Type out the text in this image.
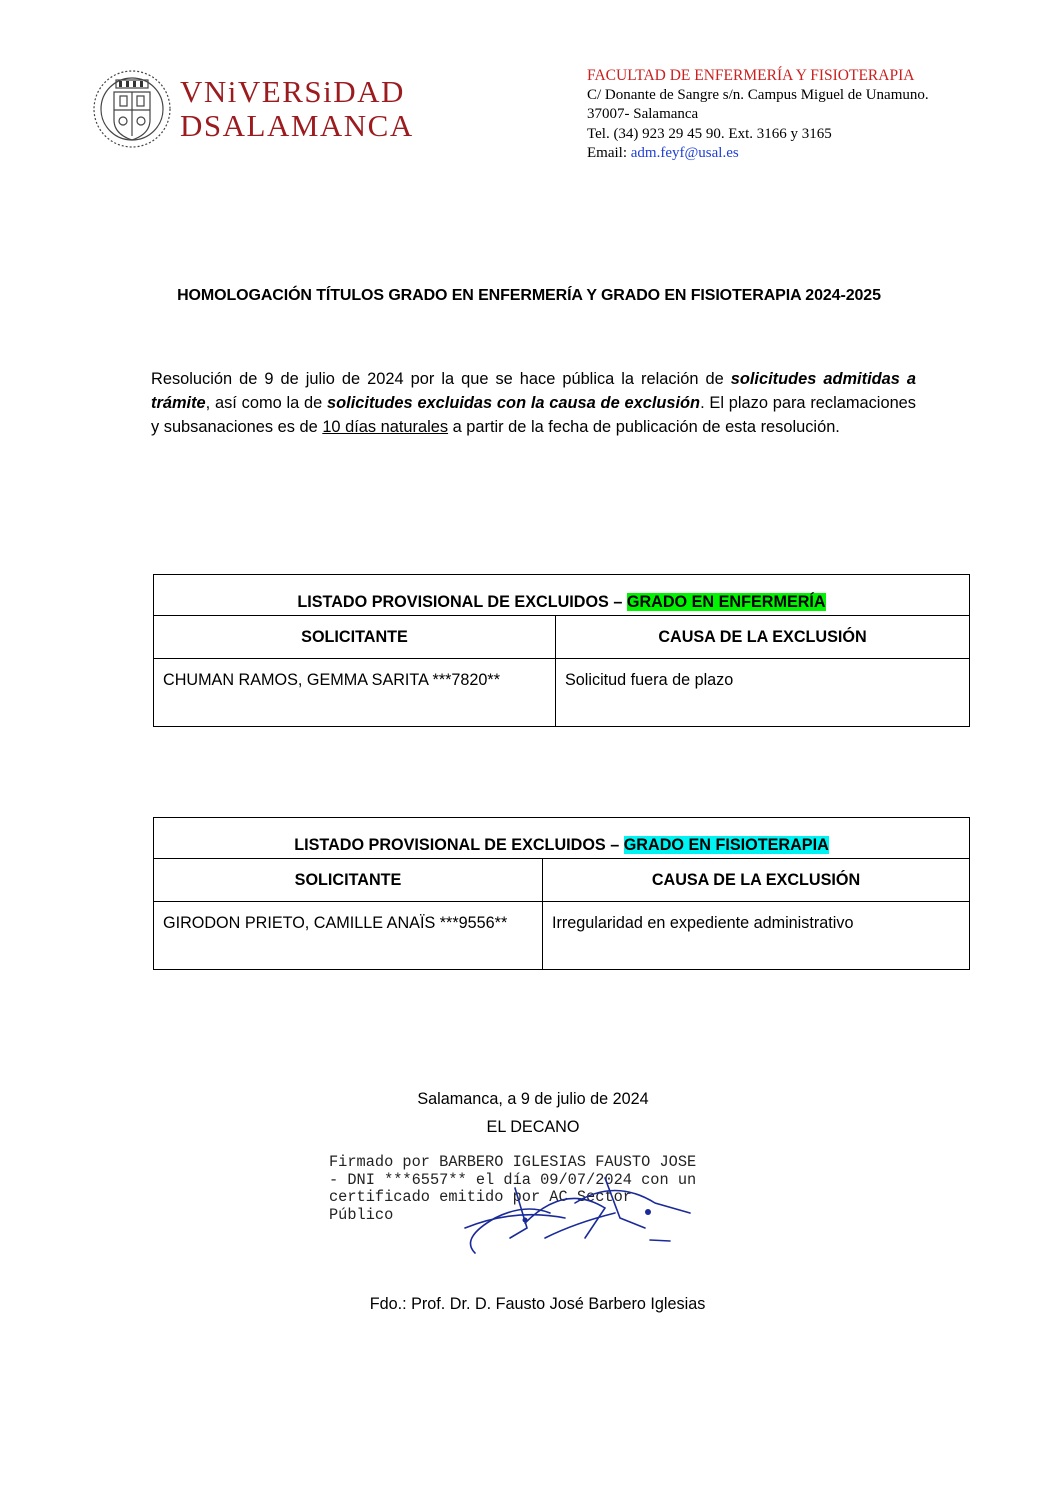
VNiVERSiDAD
DSALAMANCA
FACULTAD DE ENFERMERÍA Y FISIOTERAPIA
C/ Donante de Sangre s/n. Campus Miguel de Unamuno.
37007- Salamanca
Tel. (34) 923 29 45 90. Ext. 3166 y 3165
Email: adm.feyf@usal.es
HOMOLOGACIÓN TÍTULOS GRADO EN ENFERMERÍA Y GRADO EN FISIOTERAPIA 2024-2025
Resolución de 9 de julio de 2024 por la que se hace pública la relación de solicitudes admitidas a trámite, así como la de solicitudes excluidas con la causa de exclusión. El plazo para reclamaciones y subsanaciones es de 10 días naturales a partir de la fecha de publicación de esta resolución.
LISTADO PROVISIONAL DE EXCLUIDOS – GRADO EN ENFERMERÍA	
SOLICITANTE	CAUSA DE LA EXCLUSIÓN
CHUMAN RAMOS, GEMMA SARITA ***7820**	Solicitud fuera de plazo
LISTADO PROVISIONAL DE EXCLUIDOS – GRADO EN FISIOTERAPIA	
SOLICITANTE	CAUSA DE LA EXCLUSIÓN
GIRODON PRIETO, CAMILLE ANAÏS ***9556**	Irregularidad en expediente administrativo
Salamanca, a 9 de julio de 2024
EL DECANO
Firmado por BARBERO IGLESIAS FAUSTO JOSE
- DNI ***6557** el día 09/07/2024 con un
certificado emitido por AC Sector
Público
Fdo.: Prof. Dr. D. Fausto José Barbero Iglesias
